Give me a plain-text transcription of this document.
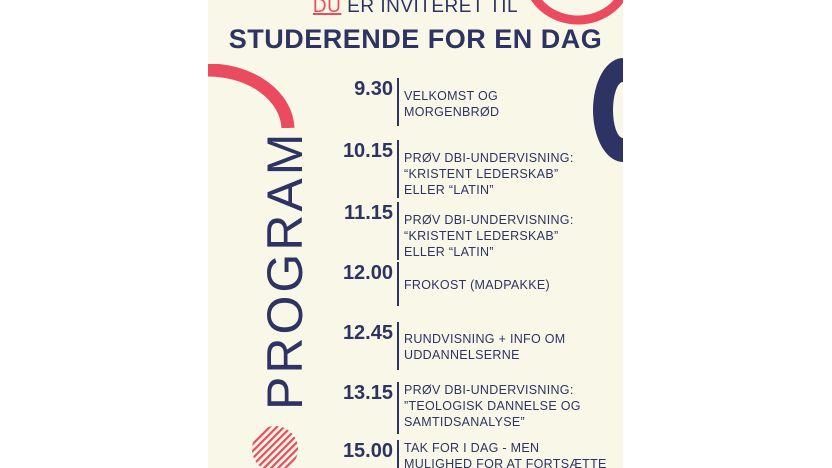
DU ER INVITERET TIL
STUDERENDE FOR EN DAG
PROGRAM
9.30 VELKOMST OG
MORGENBRØD
10.15 PRØV DBI-UNDERVISNING:
“KRISTENT LEDERSKAB”
ELLER “LATIN”
11.15 PRØV DBI-UNDERVISNING:
“KRISTENT LEDERSKAB”
ELLER “LATIN”
12.00
FROKOST (MADPAKKE)
12.45 RUNDVISNING + INFO OM
UDDANNELSERNE
13.15 PRØV DBI-UNDERVISNING:
”TEOLOGISK DANNELSE OG
SAMTIDSANALYSE”
15.00 TAK FOR I DAG - MEN
MULIGHED FOR AT FORTSÆTTE
